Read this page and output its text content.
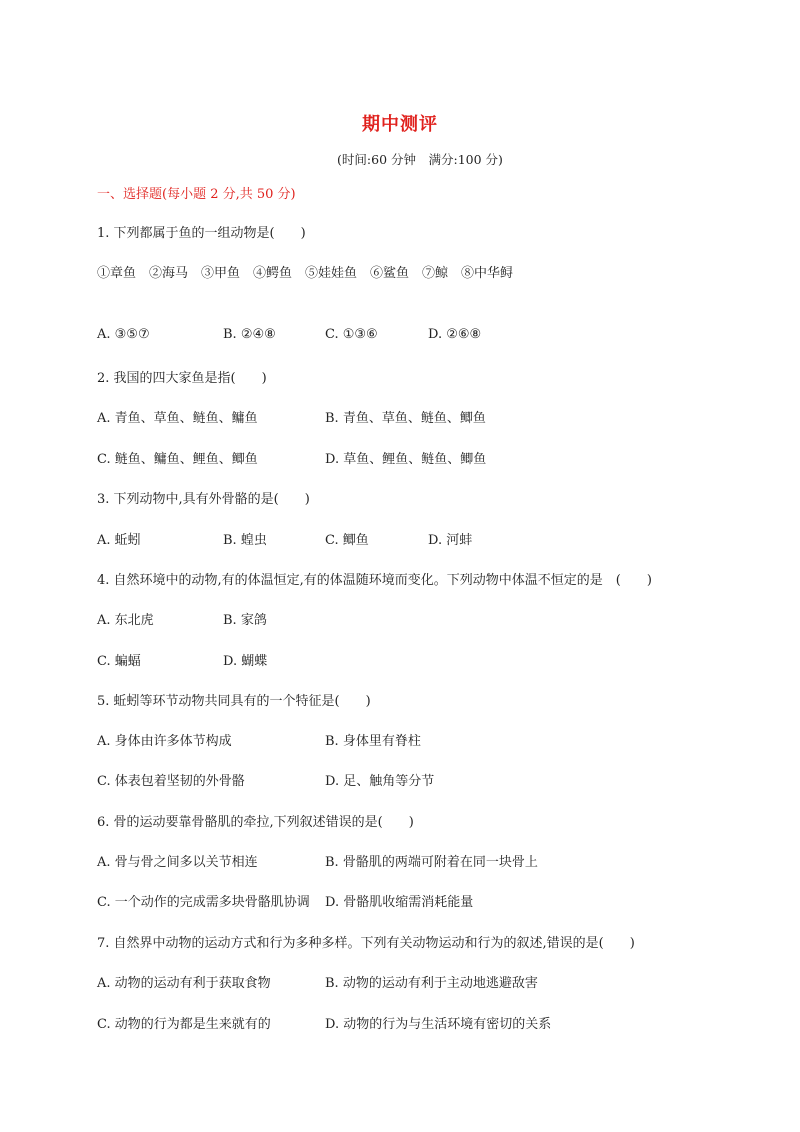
期中测评
(时间:60 分钟　满分:100 分)
一、选择题(每小题 2 分,共 50 分)
1. 下列都属于鱼的一组动物是(　　)
①章鱼　②海马　③甲鱼　④鳄鱼　⑤娃娃鱼　⑥鲨鱼　⑦鲸　⑧中华鲟
A. ③⑤⑦	B. ②④⑧	C. ①③⑥	D. ②⑥⑧
2. 我国的四大家鱼是指(　　)
A. 青鱼、草鱼、鲢鱼、鳙鱼	B. 青鱼、草鱼、鲢鱼、鲫鱼
C. 鲢鱼、鳙鱼、鲤鱼、鲫鱼	D. 草鱼、鲤鱼、鲢鱼、鲫鱼
3. 下列动物中,具有外骨骼的是(　　)
A. 蚯蚓	B. 蝗虫	C. 鲫鱼	D. 河蚌
4. 自然环境中的动物,有的体温恒定,有的体温随环境而变化。下列动物中体温不恒定的是　(　　)
A. 东北虎	B. 家鸽
C. 蝙蝠	D. 蝴蝶
5. 蚯蚓等环节动物共同具有的一个特征是(　　)
A. 身体由许多体节构成	B. 身体里有脊柱
C. 体表包着坚韧的外骨骼	D. 足、触角等分节
6. 骨的运动要靠骨骼肌的牵拉,下列叙述错误的是(　　)
A. 骨与骨之间多以关节相连	B. 骨骼肌的两端可附着在同一块骨上
C. 一个动作的完成需多块骨骼肌协调 D. 骨骼肌收缩需消耗能量
7. 自然界中动物的运动方式和行为多种多样。下列有关动物运动和行为的叙述,错误的是(　　)
A. 动物的运动有利于获取食物	B. 动物的运动有利于主动地逃避敌害
C. 动物的行为都是生来就有的	D. 动物的行为与生活环境有密切的关系
